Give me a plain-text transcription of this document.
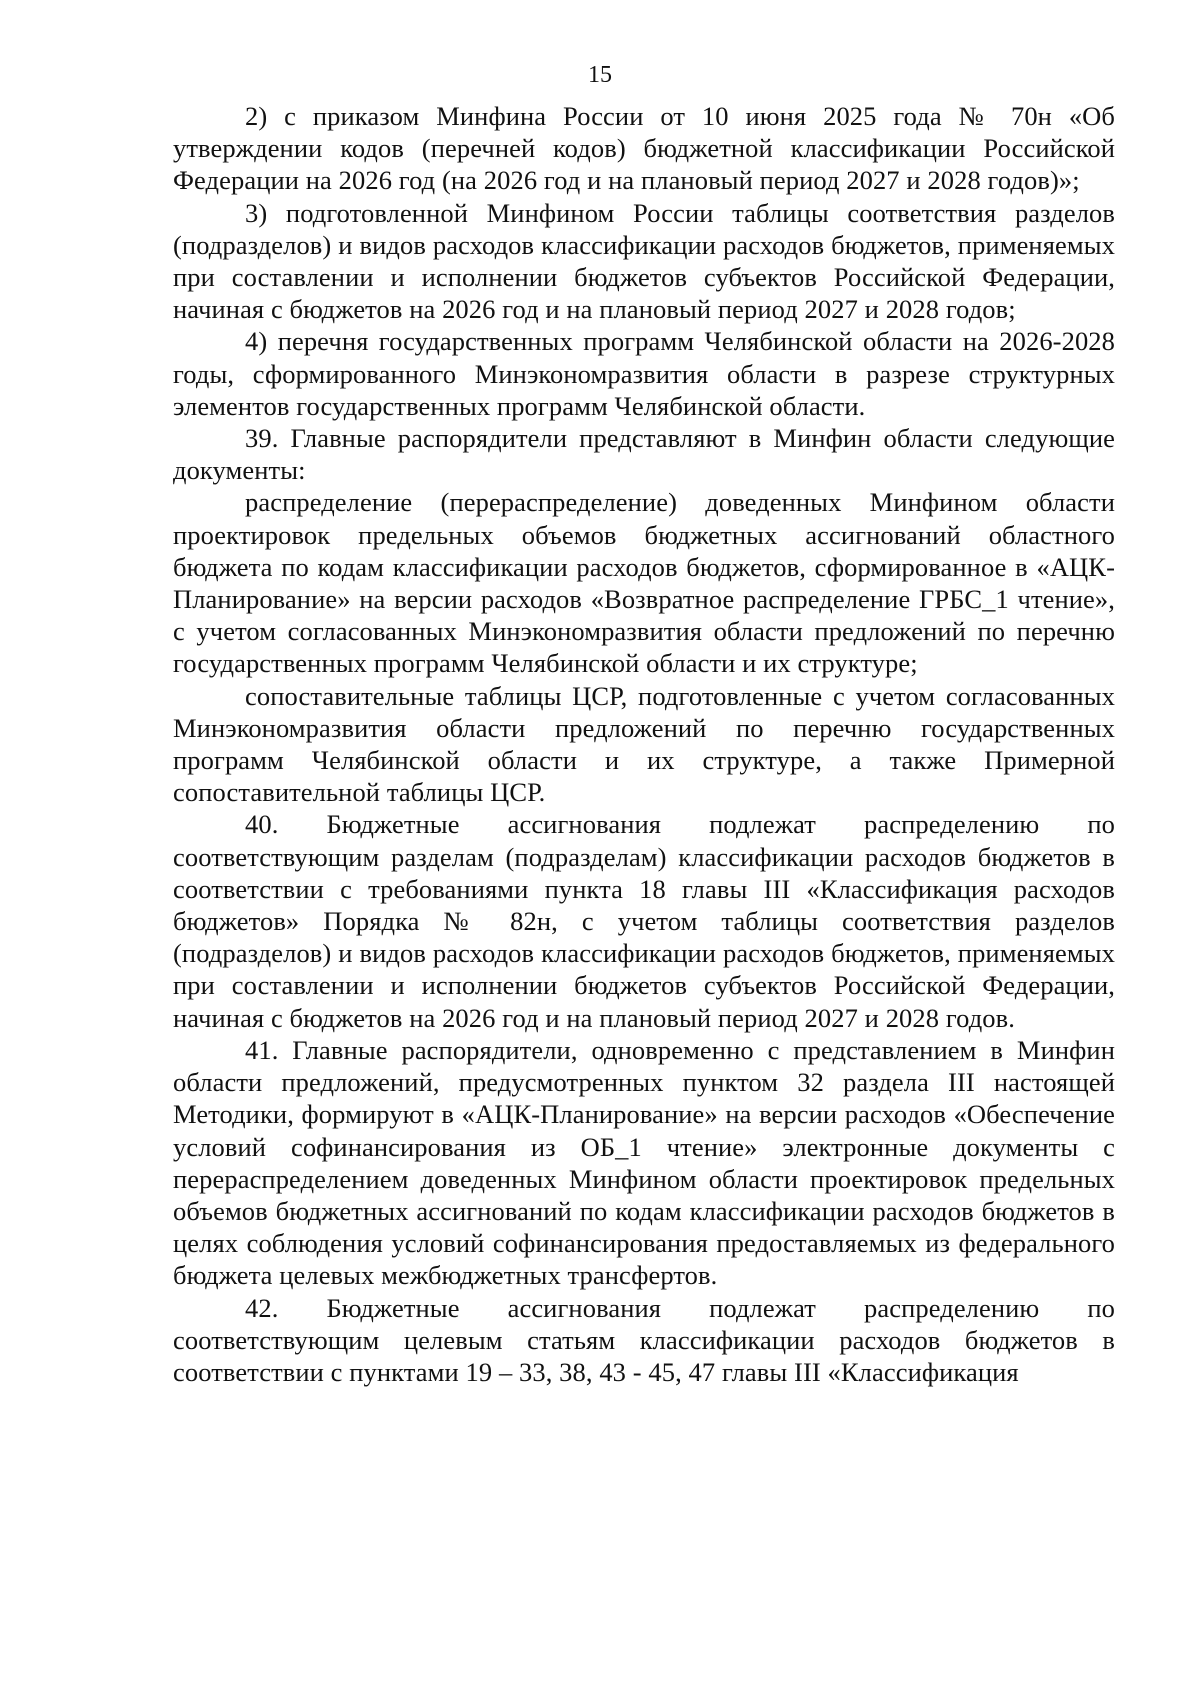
15

2) с приказом Минфина России от 10 июня 2025 года № 70н «Об утверждении кодов (перечней кодов) бюджетной классификации Российской Федерации на 2026 год (на 2026 год и на плановый период 2027 и 2028 годов)»;

3) подготовленной Минфином России таблицы соответствия разделов (подразделов) и видов расходов классификации расходов бюджетов, применяемых при составлении и исполнении бюджетов субъектов Российской Федерации, начиная с бюджетов на 2026 год и на плановый период 2027 и 2028 годов;

4) перечня государственных программ Челябинской области на 2026-2028 годы, сформированного Минэкономразвития области в разрезе структурных элементов государственных программ Челябинской области.

39. Главные распорядители представляют в Минфин области следующие документы:

распределение (перераспределение) доведенных Минфином области проектировок предельных объемов бюджетных ассигнований областного бюджета по кодам классификации расходов бюджетов, сформированное в «АЦК-Планирование» на версии расходов «Возвратное распределение ГРБС_1 чтение», с учетом согласованных Минэкономразвития области предложений по перечню государственных программ Челябинской области и их структуре;

сопоставительные таблицы ЦСР, подготовленные с учетом согласованных Минэкономразвития области предложений по перечню государственных программ Челябинской области и их структуре, а также Примерной сопоставительной таблицы ЦСР.

40. Бюджетные ассигнования подлежат распределению по соответствующим разделам (подразделам) классификации расходов бюджетов в соответствии с требованиями пункта 18 главы III «Классификация расходов бюджетов» Порядка № 82н, с учетом таблицы соответствия разделов (подразделов) и видов расходов классификации расходов бюджетов, применяемых при составлении и исполнении бюджетов субъектов Российской Федерации, начиная с бюджетов на 2026 год и на плановый период 2027 и 2028 годов.

41. Главные распорядители, одновременно с представлением в Минфин области предложений, предусмотренных пунктом 32 раздела III настоящей Методики, формируют в «АЦК-Планирование» на версии расходов «Обеспечение условий софинансирования из ОБ_1 чтение» электронные документы с перераспределением доведенных Минфином области проектировок предельных объемов бюджетных ассигнований по кодам классификации расходов бюджетов в целях соблюдения условий софинансирования предоставляемых из федерального бюджета целевых межбюджетных трансфертов.

42. Бюджетные ассигнования подлежат распределению по соответствующим целевым статьям классификации расходов бюджетов в соответствии с пунктами 19 – 33, 38, 43 - 45, 47 главы III «Классификация
